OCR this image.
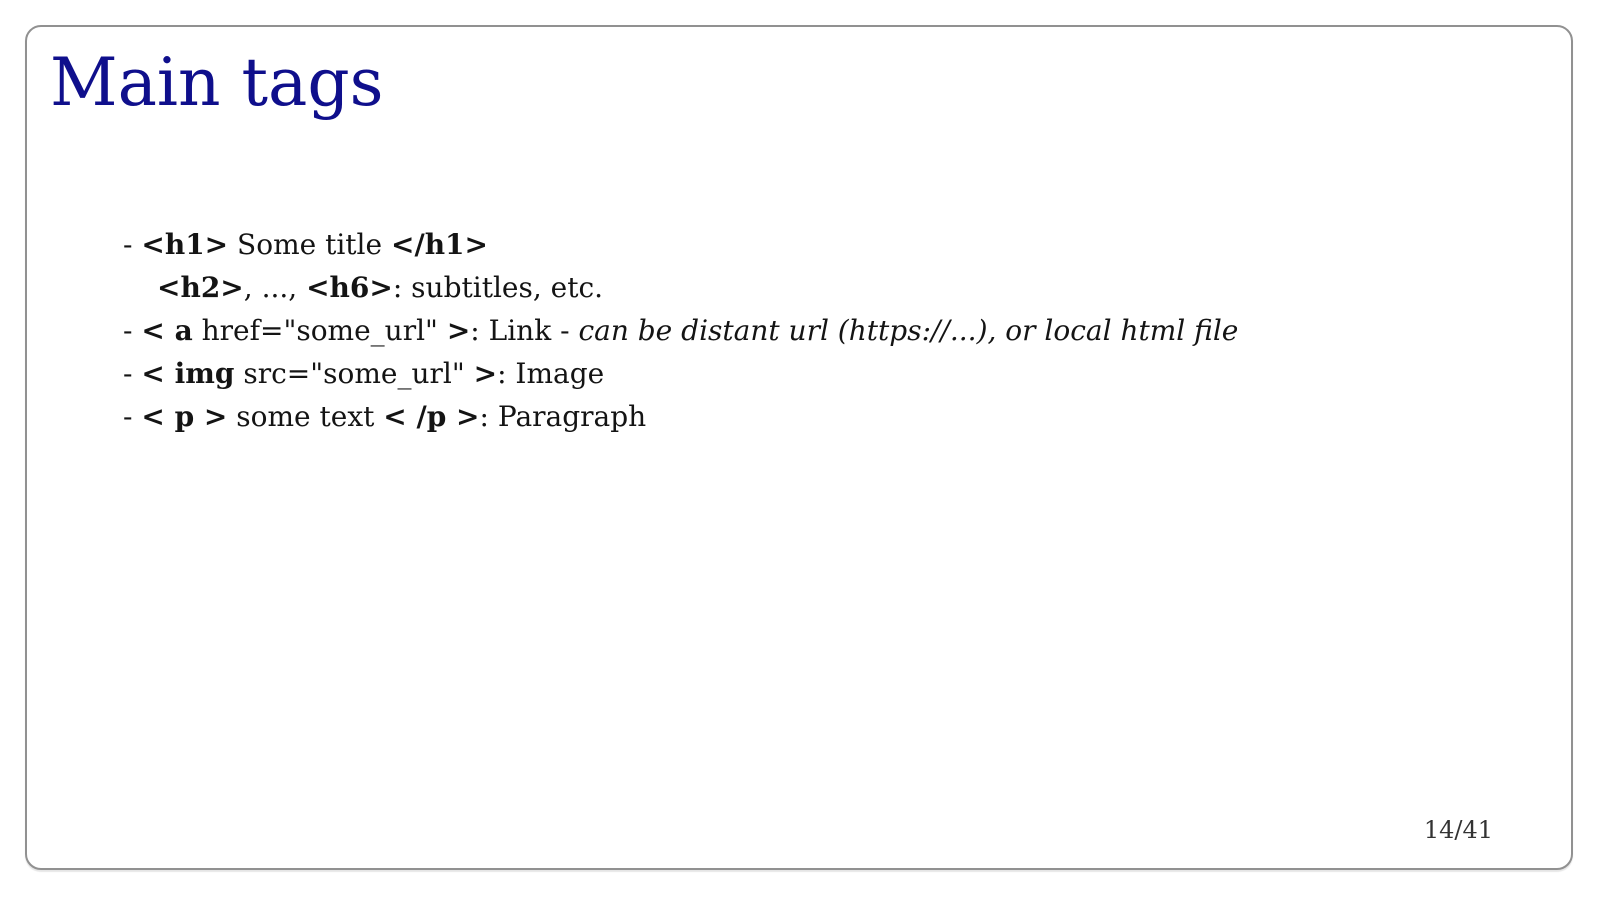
Main tags
- <h1> Some title </h1>
<h2>, ..., <h6>: subtitles, etc.
- < a href="some_url" >: Link - can be distant url (https://...), or local html file
- < img src="some_url" >: Image
- < p > some text < /p >: Paragraph
14/41
